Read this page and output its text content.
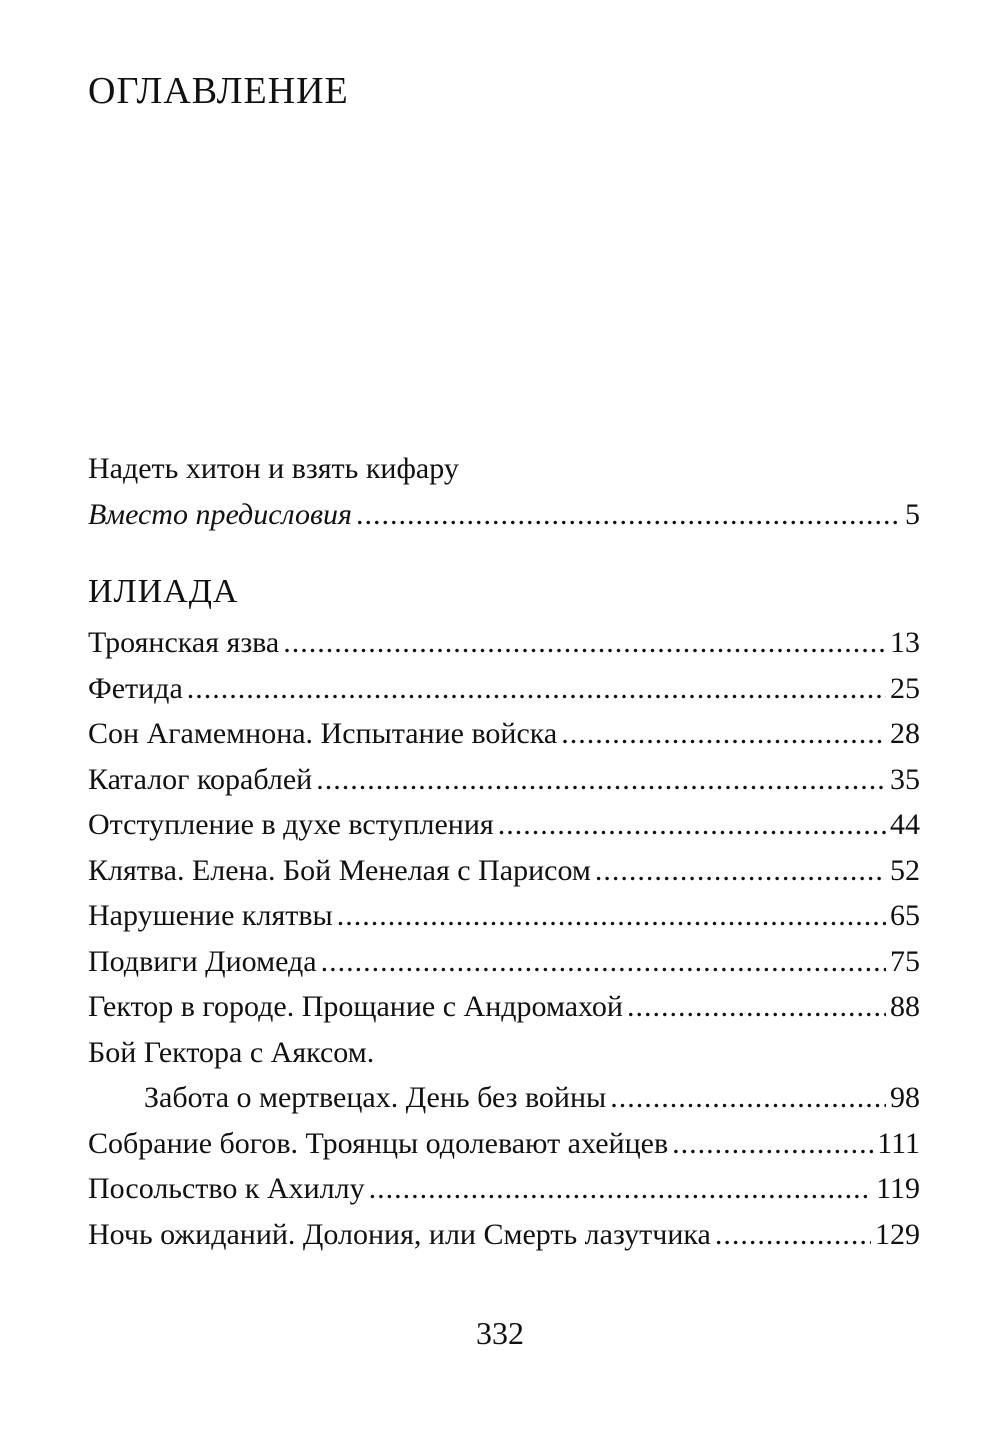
ОГЛАВЛЕНИЕ
Надеть хитон и взять кифару
Вместо предисловия .....	5
ИЛИАДА
Троянская язва .....	13
Фетида .....	25
Сон Агамемнона. Испытание войска .....	28
Каталог кораблей .....	35
Отступление в духе вступления .....	44
Клятва. Елена. Бой Менелая с Парисом .....	52
Нарушение клятвы .....	65
Подвиги Диомеда .....	75
Гектор в городе. Прощание с Андромахой .....	88
Бой Гектора с Аяксом.
Забота о мертвецах. День без войны .....	98
Собрание богов. Троянцы одолевают ахейцев .....	111
Посольство к Ахиллу .....	119
Ночь ожиданий. Долония, или Смерть лазутчика .....	129
332
